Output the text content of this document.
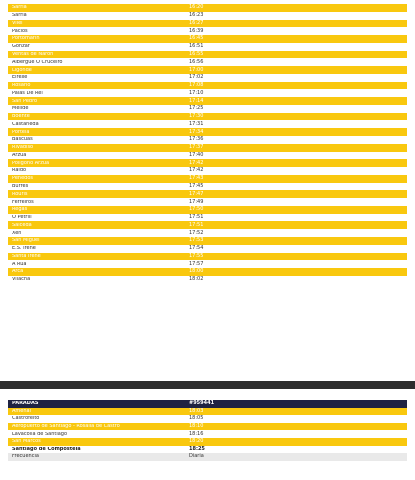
Sarria	16:20
Sarria	16:23
Vilei	16:27
Paclos	16:39
Portomarín	16:45
Gonzar	16:51
Ventas de Narón	16:55
Albergue O Cruceiro	16:56
Ligonde	17:00
Eirexe	17:02
Rosario	17:08
Palas De Rei	17:10
San Pedro	17:14
Melide	17:25
Boente	17:30
Castañeda	17:31
Portela	17:34
Bascuas	17:36
Rivadiso	17:37
Arzúa	17:40
Polígono Arzúa	17:42
Raido	17:42
Penedos	17:43
Burres	17:45
Rourís	17:47
Ferreiros	17:49
Regas	17:50
O Petrill	17:51
Salceda	17:51
Xen	17:52
San Miguel	17:53
E.S. Irene	17:54
Santa Irene	17:55
A Rúa	17:57
Arca	18:00
Vilachá	18:02
PARADAS	#959441
Amenal	18:03
Castrofeito	18:05
Aeropuerto de Santiago - Rosalía de Castro	18:10
Lavacolla de Santiago	18:16
San Marcos	18:20
Santiago de Compostela	18:25
Frecuencia	Diaria
